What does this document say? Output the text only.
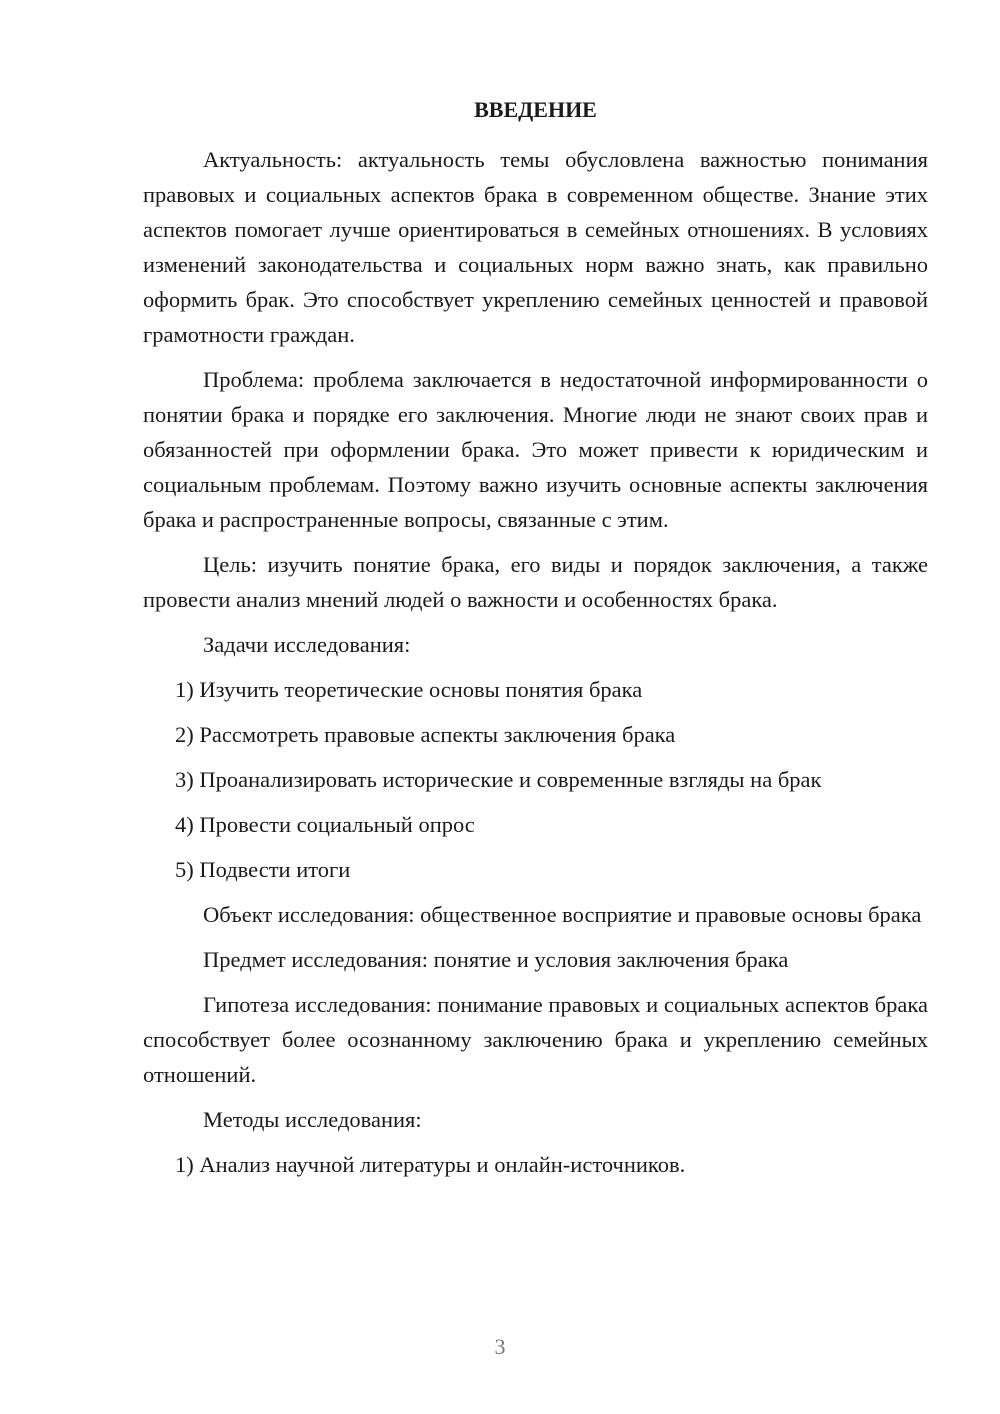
ВВЕДЕНИЕ

Актуальность: актуальность темы обусловлена важностью понимания правовых и социальных аспектов брака в современном обществе. Знание этих аспектов помогает лучше ориентироваться в семейных отношениях. В условиях изменений законодательства и социальных норм важно знать, как правильно оформить брак. Это способствует укреплению семейных ценностей и правовой грамотности граждан.

Проблема: проблема заключается в недостаточной информированности о понятии брака и порядке его заключения. Многие люди не знают своих прав и обязанностей при оформлении брака. Это может привести к юридическим и социальным проблемам. Поэтому важно изучить основные аспекты заключения брака и распространенные вопросы, связанные с этим.

Цель: изучить понятие брака, его виды и порядок заключения, а также провести анализ мнений людей о важности и особенностях брака.

Задачи исследования:
1) Изучить теоретические основы понятия брака
2) Рассмотреть правовые аспекты заключения брака
3) Проанализировать исторические и современные взгляды на брак
4) Провести социальный опрос
5) Подвести итоги

Объект исследования: общественное восприятие и правовые основы брака

Предмет исследования: понятие и условия заключения брака

Гипотеза исследования: понимание правовых и социальных аспектов брака способствует более осознанному заключению брака и укреплению семейных отношений.

Методы исследования:
1) Анализ научной литературы и онлайн-источников.
3
